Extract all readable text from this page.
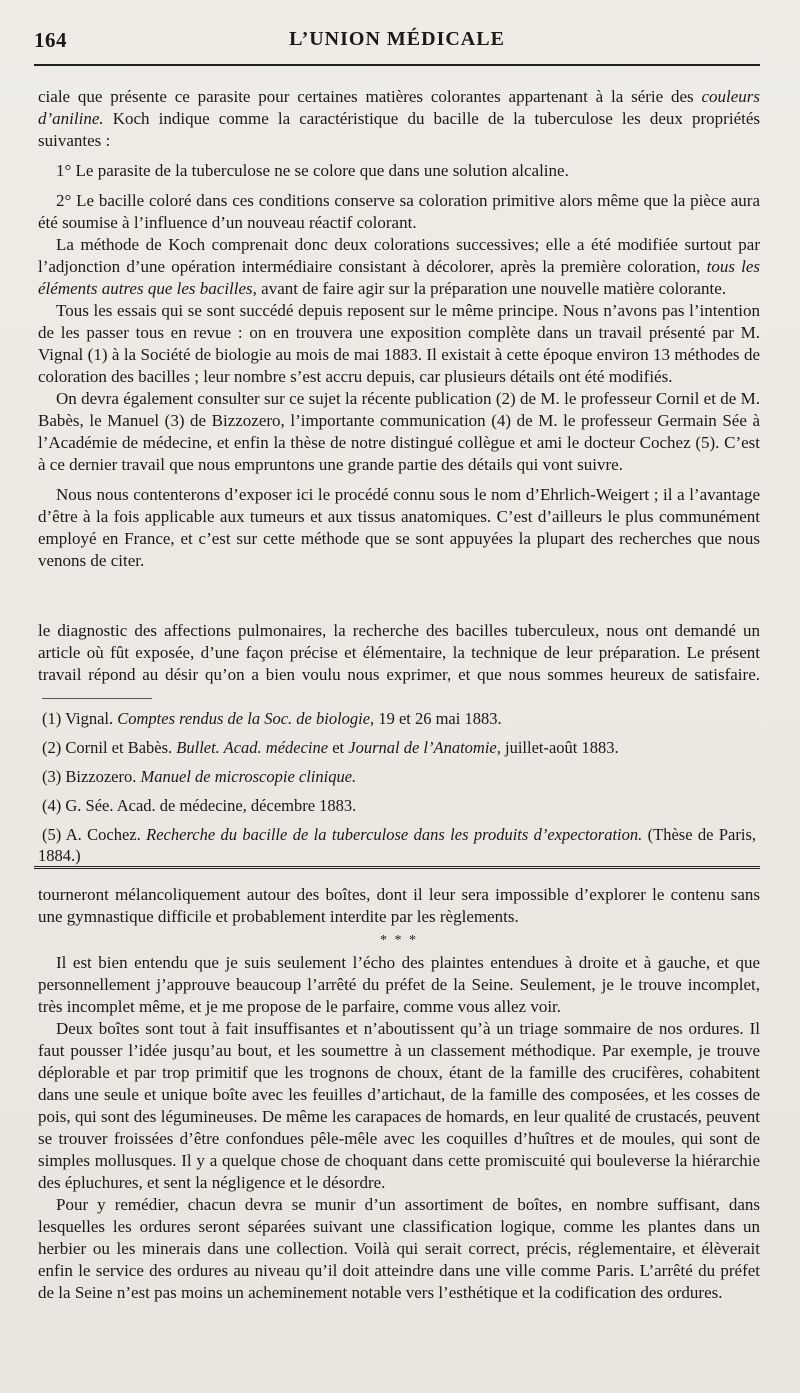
164	L’UNION MÉDICALE

ciale que présente ce parasite pour certaines matières colorantes appartenant à la série des couleurs d’aniline. Koch indique comme la caractéristique du bacille de la tuberculose les deux propriétés suivantes :

1° Le parasite de la tuberculose ne se colore que dans une solution alcaline.

2° Le bacille coloré dans ces conditions conserve sa coloration primitive alors même que la pièce aura été soumise à l’influence d’un nouveau réactif colorant.

La méthode de Koch comprenait donc deux colorations successives; elle a été modifiée surtout par l’adjonction d’une opération intermédiaire consistant à décolorer, après la première coloration, tous les éléments autres que les bacilles, avant de faire agir sur la préparation une nouvelle matière colorante.

Tous les essais qui se sont succédé depuis reposent sur le même principe. Nous n’avons pas l’intention de les passer tous en revue : on en trouvera une exposition complète dans un travail présenté par M. Vignal (1) à la Société de biologie au mois de mai 1883. Il existait à cette époque environ 13 méthodes de coloration des bacilles ; leur nombre s’est accru depuis, car plusieurs détails ont été modifiés.

On devra également consulter sur ce sujet la récente publication (2) de M. le professeur Cornil et de M. Babès, le Manuel (3) de Bizzozero, l’importante communication (4) de M. le professeur Germain Sée à l’Académie de médecine, et enfin la thèse de notre distingué collègue et ami le docteur Cochez (5). C’est à ce dernier travail que nous empruntons une grande partie des détails qui vont suivre.

Nous nous contenterons d’exposer ici le procédé connu sous le nom d’Ehrlich-Weigert ; il a l’avantage d’être à la fois applicable aux tumeurs et aux tissus anatomiques. C’est d’ailleurs le plus communément employé en France, et c’est sur cette méthode que se sont appuyées la plupart des recherches que nous venons de citer.

le diagnostic des affections pulmonaires, la recherche des bacilles tuberculeux, nous ont demandé un article où fût exposée, d’une façon précise et élémentaire, la technique de leur préparation. Le présent travail répond au désir qu’on a bien voulu nous exprimer, et que nous sommes heureux de satisfaire.

(1) Vignal. Comptes rendus de la Soc. de biologie, 19 et 26 mai 1883.

(2) Cornil et Babès. Bullet. Acad. médecine et Journal de l’Anatomie, juillet-août 1883.

(3) Bizzozero. Manuel de microscopie clinique.

(4) G. Sée. Acad. de médecine, décembre 1883.

(5) A. Cochez. Recherche du bacille de la tuberculose dans les produits d’expectoration. (Thèse de Paris, 1884.)

tourneront mélancoliquement autour des boîtes, dont il leur sera impossible d’explorer le contenu sans une gymnastique difficile et probablement interdite par les règlements.

* * *

Il est bien entendu que je suis seulement l’écho des plaintes entendues à droite et à gauche, et que personnellement j’approuve beaucoup l’arrêté du préfet de la Seine. Seulement, je le trouve incomplet, très incomplet même, et je me propose de le parfaire, comme vous allez voir.

Deux boîtes sont tout à fait insuffisantes et n’aboutissent qu’à un triage sommaire de nos ordures. Il faut pousser l’idée jusqu’au bout, et les soumettre à un classement méthodique. Par exemple, je trouve déplorable et par trop primitif que les trognons de choux, étant de la famille des crucifères, cohabitent dans une seule et unique boîte avec les feuilles d’artichaut, de la famille des composées, et les cosses de pois, qui sont des légumineuses. De même les carapaces de homards, en leur qualité de crustacés, peuvent se trouver froissées d’être confondues pêle-mêle avec les coquilles d’huîtres et de moules, qui sont de simples mollusques. Il y a quelque chose de choquant dans cette promiscuité qui bouleverse la hiérarchie des épluchures, et sent la négligence et le désordre.

Pour y remédier, chacun devra se munir d’un assortiment de boîtes, en nombre suffisant, dans lesquelles les ordures seront séparées suivant une classification logique, comme les plantes dans un herbier ou les minerais dans une collection. Voilà qui serait correct, précis, réglementaire, et élèverait enfin le service des ordures au niveau qu’il doit atteindre dans une ville comme Paris. L’arrêté du préfet de la Seine n’est pas moins un acheminement notable vers l’esthétique et la codification des ordures.
